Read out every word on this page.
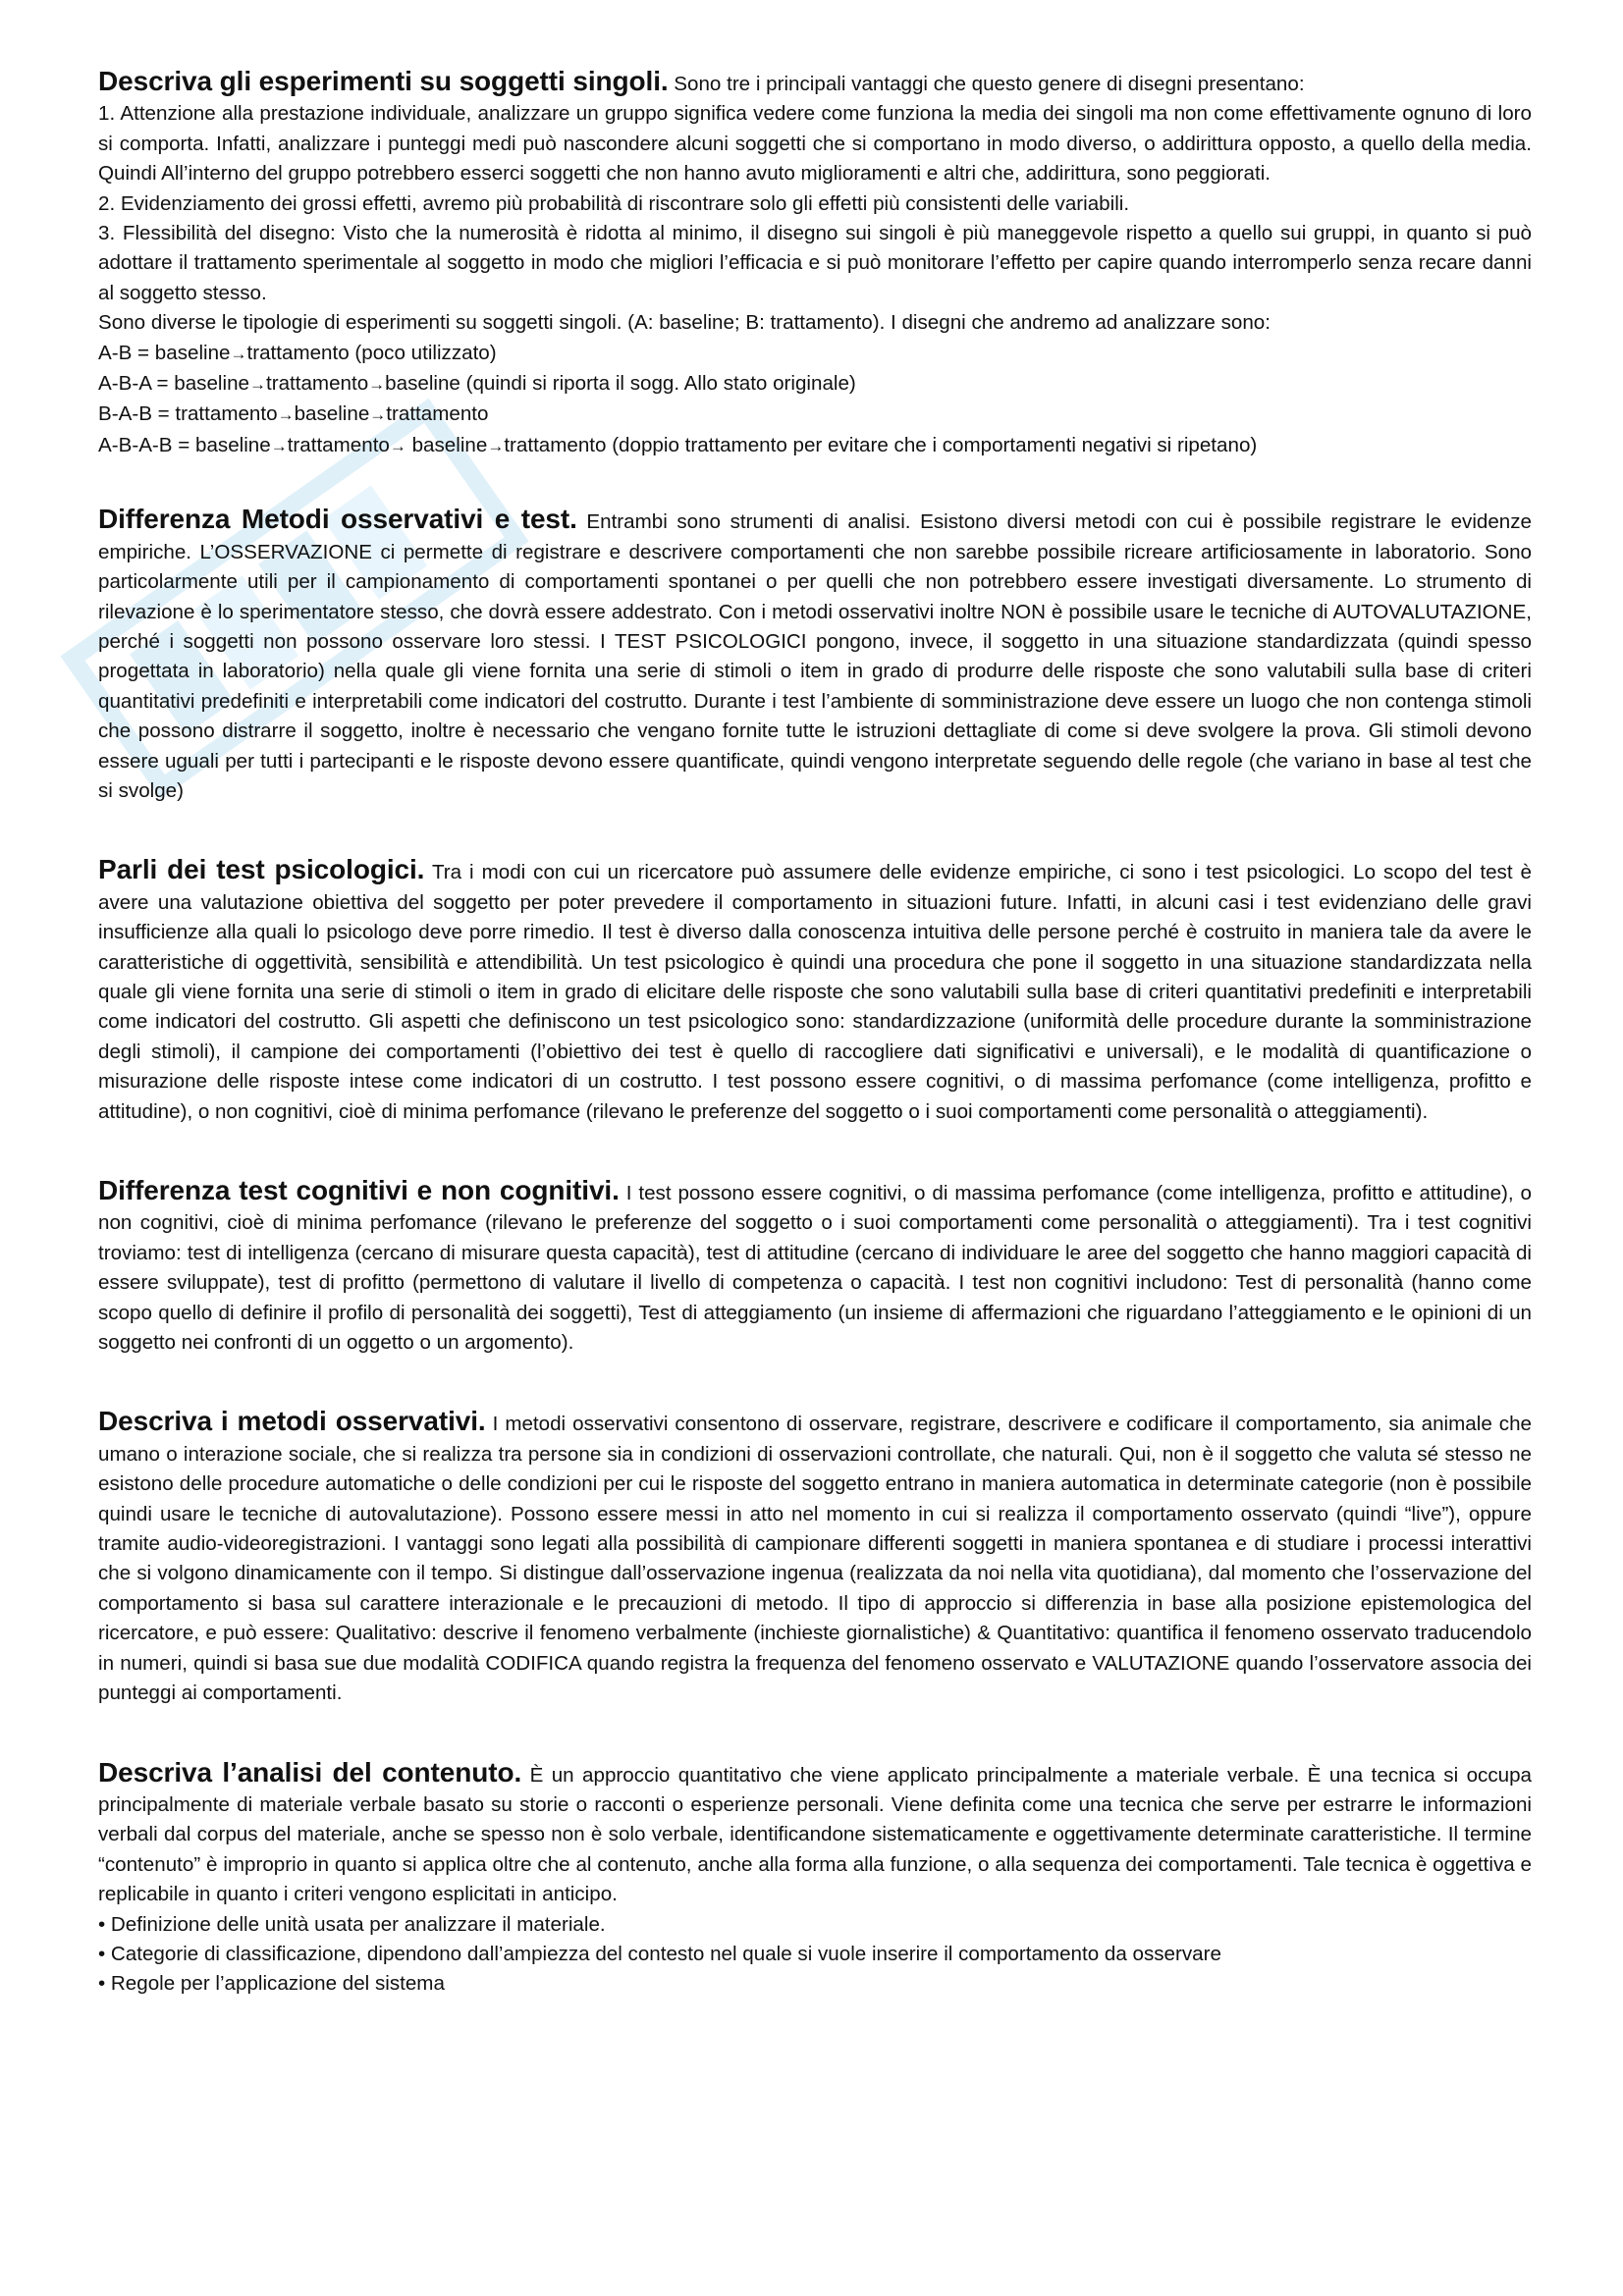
Descriva gli esperimenti su soggetti singoli. Sono tre i principali vantaggi che questo genere di disegni presentano:

1. Attenzione alla prestazione individuale, analizzare un gruppo significa vedere come funziona la media dei singoli ma non come effettivamente ognuno di loro si comporta. Infatti, analizzare i punteggi medi può nascondere alcuni soggetti che si comportano in modo diverso, o addirittura opposto, a quello della media. Quindi All’interno del gruppo potrebbero esserci soggetti che non hanno avuto miglioramenti e altri che, addirittura, sono peggiorati.

2. Evidenziamento dei grossi effetti, avremo più probabilità di riscontrare solo gli effetti più consistenti delle variabili.

3. Flessibilità del disegno: Visto che la numerosità è ridotta al minimo, il disegno sui singoli è più maneggevole rispetto a quello sui gruppi, in quanto si può adottare il trattamento sperimentale al soggetto in modo che migliori l’efficacia e si può monitorare l’effetto per capire quando interromperlo senza recare danni al soggetto stesso.

Sono diverse le tipologie di esperimenti su soggetti singoli. (A: baseline; B: trattamento). I disegni che andremo ad analizzare sono:

A-B = baseline→trattamento (poco utilizzato)

A-B-A = baseline→trattamento→baseline (quindi si riporta il sogg. Allo stato originale)

B-A-B = trattamento→baseline→trattamento

A-B-A-B = baseline→trattamento→ baseline→trattamento (doppio trattamento per evitare che i comportamenti negativi si ripetano)

Differenza Metodi osservativi e test. Entrambi sono strumenti di analisi. Esistono diversi metodi con cui è possibile registrare le evidenze empiriche. L’OSSERVAZIONE ci permette di registrare e descrivere comportamenti che non sarebbe possibile ricreare artificiosamente in laboratorio. Sono particolarmente utili per il campionamento di comportamenti spontanei o per quelli che non potrebbero essere investigati diversamente. Lo strumento di rilevazione è lo sperimentatore stesso, che dovrà essere addestrato. Con i metodi osservativi inoltre NON è possibile usare le tecniche di AUTOVALUTAZIONE, perché i soggetti non possono osservare loro stessi. I TEST PSICOLOGICI pongono, invece, il soggetto in una situazione standardizzata (quindi spesso progettata in laboratorio) nella quale gli viene fornita una serie di stimoli o item in grado di produrre delle risposte che sono valutabili sulla base di criteri quantitativi predefiniti e interpretabili come indicatori del costrutto. Durante i test l’ambiente di somministrazione deve essere un luogo che non contenga stimoli che possono distrarre il soggetto, inoltre è necessario che vengano fornite tutte le istruzioni dettagliate di come si deve svolgere la prova. Gli stimoli devono essere uguali per tutti i partecipanti e le risposte devono essere quantificate, quindi vengono interpretate seguendo delle regole (che variano in base al test che si svolge)

Parli dei test psicologici. Tra i modi con cui un ricercatore può assumere delle evidenze empiriche, ci sono i test psicologici. Lo scopo del test è avere una valutazione obiettiva del soggetto per poter prevedere il comportamento in situazioni future. Infatti, in alcuni casi i test evidenziano delle gravi insufficienze alla quali lo psicologo deve porre rimedio. Il test è diverso dalla conoscenza intuitiva delle persone perché è costruito in maniera tale da avere le caratteristiche di oggettività, sensibilità e attendibilità. Un test psicologico è quindi una procedura che pone il soggetto in una situazione standardizzata nella quale gli viene fornita una serie di stimoli o item in grado di elicitare delle risposte che sono valutabili sulla base di criteri quantitativi predefiniti e interpretabili come indicatori del costrutto. Gli aspetti che definiscono un test psicologico sono: standardizzazione (uniformità delle procedure durante la somministrazione degli stimoli), il campione dei comportamenti (l’obiettivo dei test è quello di raccogliere dati significativi e universali), e le modalità di quantificazione o misurazione delle risposte intese come indicatori di un costrutto. I test possono essere cognitivi, o di massima perfomance (come intelligenza, profitto e attitudine), o non cognitivi, cioè di minima perfomance (rilevano le preferenze del soggetto o i suoi comportamenti come personalità o atteggiamenti).

Differenza test cognitivi e non cognitivi. I test possono essere cognitivi, o di massima perfomance (come intelligenza, profitto e attitudine), o non cognitivi, cioè di minima perfomance (rilevano le preferenze del soggetto o i suoi comportamenti come personalità o atteggiamenti). Tra i test cognitivi troviamo: test di intelligenza (cercano di misurare questa capacità), test di attitudine (cercano di individuare le aree del soggetto che hanno maggiori capacità di essere sviluppate), test di profitto (permettono di valutare il livello di competenza o capacità. I test non cognitivi includono: Test di personalità (hanno come scopo quello di definire il profilo di personalità dei soggetti), Test di atteggiamento (un insieme di affermazioni che riguardano l’atteggiamento e le opinioni di un soggetto nei confronti di un oggetto o un argomento).

Descriva i metodi osservativi. I metodi osservativi consentono di osservare, registrare, descrivere e codificare il comportamento, sia animale che umano o interazione sociale, che si realizza tra persone sia in condizioni di osservazioni controllate, che naturali. Qui, non è il soggetto che valuta sé stesso ne esistono delle procedure automatiche o delle condizioni per cui le risposte del soggetto entrano in maniera automatica in determinate categorie (non è possibile quindi usare le tecniche di autovalutazione). Possono essere messi in atto nel momento in cui si realizza il comportamento osservato (quindi “live”), oppure tramite audio-videoregistrazioni. I vantaggi sono legati alla possibilità di campionare differenti soggetti in maniera spontanea e di studiare i processi interattivi che si volgono dinamicamente con il tempo. Si distingue dall’osservazione ingenua (realizzata da noi nella vita quotidiana), dal momento che l’osservazione del comportamento si basa sul carattere interazionale e le precauzioni di metodo. Il tipo di approccio si differenzia in base alla posizione epistemologica del ricercatore, e può essere: Qualitativo: descrive il fenomeno verbalmente (inchieste giornalistiche) & Quantitativo: quantifica il fenomeno osservato traducendolo in numeri, quindi si basa sue due modalità CODIFICA quando registra la frequenza del fenomeno osservato e VALUTAZIONE quando l’osservatore associa dei punteggi ai comportamenti.

Descriva l’analisi del contenuto. È un approccio quantitativo che viene applicato principalmente a materiale verbale. È una tecnica si occupa principalmente di materiale verbale basato su storie o racconti o esperienze personali. Viene definita come una tecnica che serve per estrarre le informazioni verbali dal corpus del materiale, anche se spesso non è solo verbale, identificandone sistematicamente e oggettivamente determinate caratteristiche. Il termine “contenuto” è improprio in quanto si applica oltre che al contenuto, anche alla forma alla funzione, o alla sequenza dei comportamenti. Tale tecnica è oggettiva e replicabile in quanto i criteri vengono esplicitati in anticipo.

• Definizione delle unità usata per analizzare il materiale.

• Categorie di classificazione, dipendono dall’ampiezza del contesto nel quale si vuole inserire il comportamento da osservare

• Regole per l’applicazione del sistema
